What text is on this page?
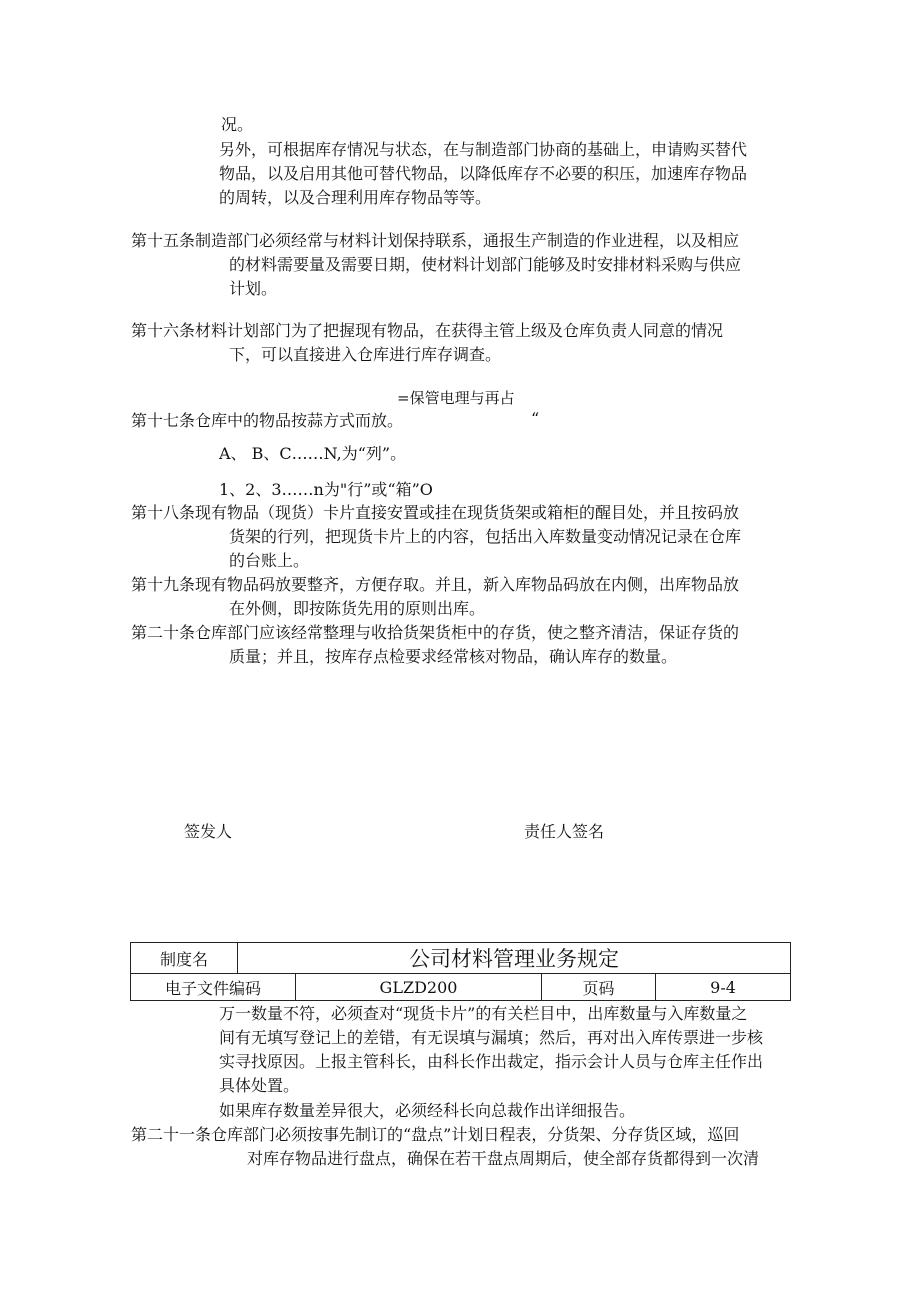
况。
另外，可根据库存情况与状态，在与制造部门协商的基础上，申请购买替代
物品，以及启用其他可替代物品，以降低库存不必要的积压，加速库存物品
的周转，以及合理利用库存物品等等。
第十五条制造部门必须经常与材料计划保持联系，通报生产制造的作业进程，以及相应
的材料需要量及需要日期，使材料计划部门能够及时安排材料采购与供应
计划。
第十六条材料计划部门为了把握现有物品，在获得主管上级及仓库负责人同意的情况
下，可以直接进入仓库进行库存调查。
=保管电理与再占
第十七条仓库中的物品按蒜方式而放。	“
A、 B、C……N,为“列”。
1、2、3……n为"行”或“箱”O
第十八条现有物品（现货）卡片直接安置或挂在现货货架或箱柜的醒目处，并且按码放
货架的行列，把现货卡片上的内容，包括出入库数量变动情况记录在仓库
的台账上。
第十九条现有物品码放要整齐，方便存取。并且，新入库物品码放在内侧，出库物品放
在外侧，即按陈货先用的原则出库。
第二十条仓库部门应该经常整理与收拾货架货柜中的存货，使之整齐清洁，保证存货的
质量；并且，按库存点检要求经常核对物品，确认库存的数量。
签发人	责任人签名
制度名	公司材料管理业务规定			
电子文件编码		GLZD200	页码	9-4
万一数量不符，必须查对“现货卡片”的有关栏目中，出库数量与入库数量之
间有无填写登记上的差错，有无误填与漏填；然后，再对出入库传票进一步核
实寻找原因。上报主管科长，由科长作出裁定，指示会计人员与仓库主任作出
具体处置。
如果库存数量差异很大，必须经科长向总裁作出详细报告。
第二十一条仓库部门必须按事先制订的“盘点”计划日程表，分货架、分存货区域，巡回
对库存物品进行盘点，确保在若干盘点周期后，使全部存货都得到一次清
